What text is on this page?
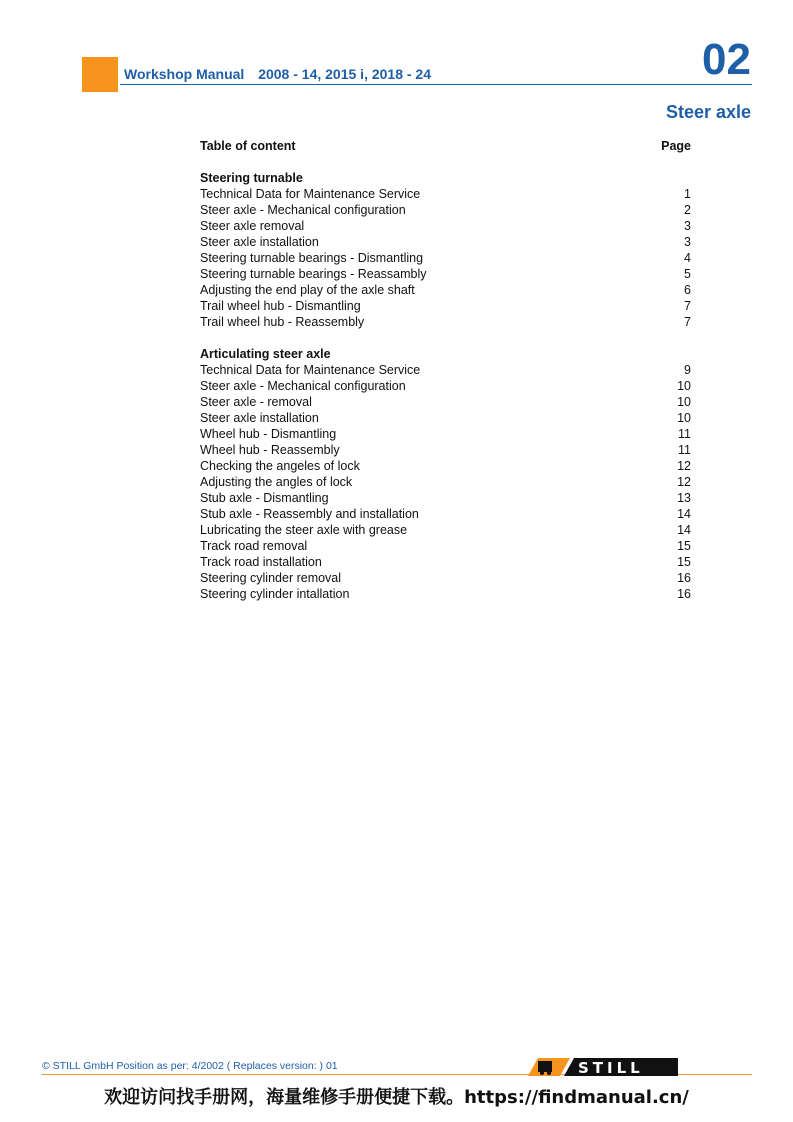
Workshop Manual 2008 - 14, 2015 i, 2018 - 24	02
Steer axle
Table of content	Page
Steering turnable
Technical Data for Maintenance Service	1
Steer axle - Mechanical configuration	2
Steer axle removal	3
Steer axle installation	3
Steering turnable bearings - Dismantling	4
Steering turnable bearings - Reassambly	5
Adjusting the end play of the axle shaft	6
Trail wheel hub - Dismantling	7
Trail wheel hub - Reassembly	7
Articulating steer axle
Technical Data for Maintenance Service	9
Steer axle - Mechanical configuration	10
Steer axle - removal	10
Steer axle installation	10
Wheel hub - Dismantling	11
Wheel hub - Reassembly	11
Checking the angeles of lock	12
Adjusting the angles of lock	12
Stub axle - Dismantling	13
Stub axle - Reassembly and installation	14
Lubricating the steer axle with grease	14
Track road removal	15
Track road installation	15
Steering cylinder removal	16
Steering cylinder intallation	16
© STILL GmbH Position as per: 4/2002 ( Replaces version: ) 01	STILL
欢迎访问找手册网，海量维修手册便捷下载。https://findmanual.cn/
